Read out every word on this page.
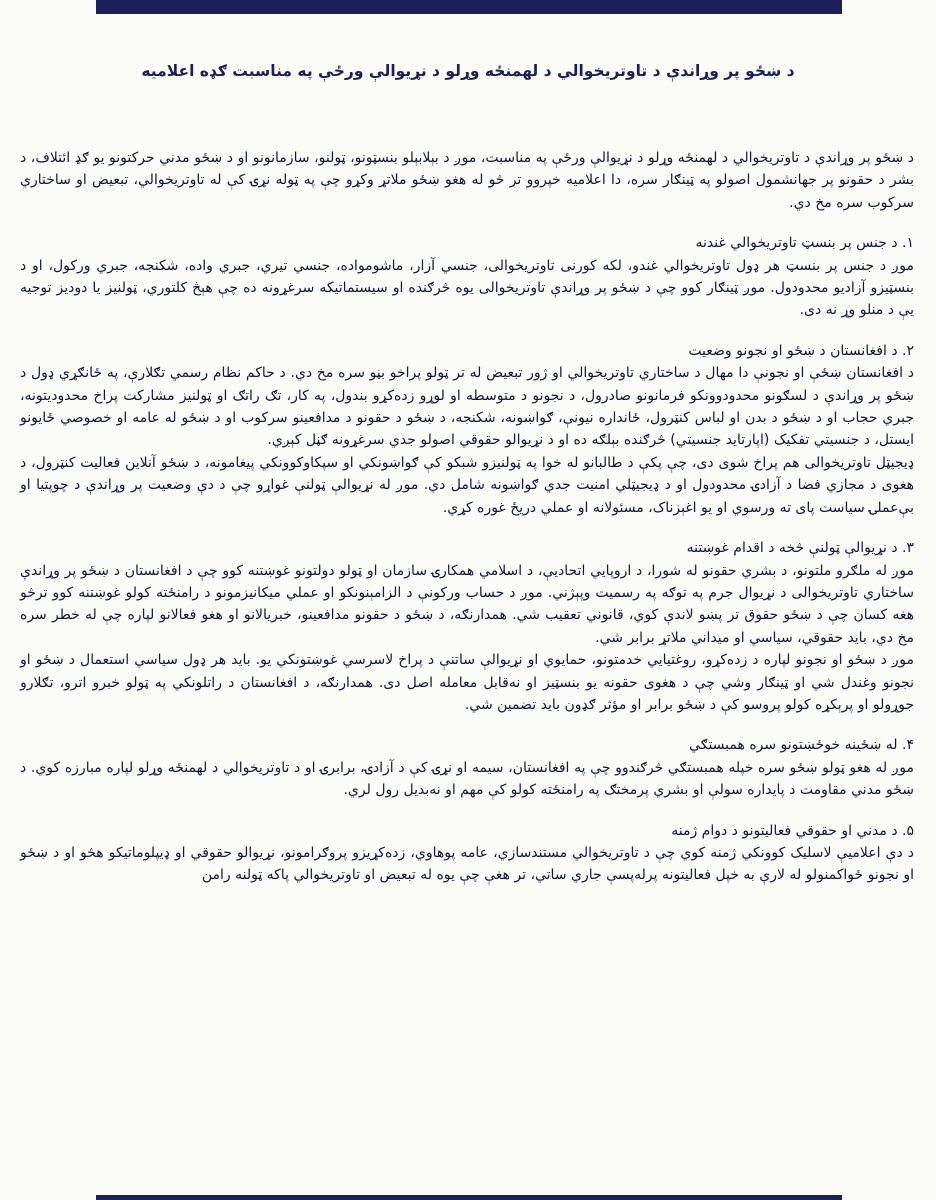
د ښځو پر وړاندې د تاوتريخوالي د لهمنځه وړلو د نړيوالې ورځې په مناسبت ګډه اعلاميه

د ښځو پر وړاندې د تاوتريخوالي د لهمنځه وړلو د نړيوالې ورځې په مناسبت، موږ د بېلابېلو بنسټونو، ټولنو، سازمانونو او د ښځو مدني حرکتونو يو ګډ ائتلاف، د بشر د حقونو پر جهانشمول اصولو په ټينګار سره، دا اعلاميه خپروو تر څو له هغو ښځو ملاتړ وکړو چې په ټوله نړۍ کې له تاوتريخوالي، تبعيض او ساختاري سرکوب سره مخ دي.

۱. د جنس پر بنسټ تاوتريخوالي غندنه

موږ د جنس پر بنسټ هر ډول تاوتريخوالي غندو، لکه کورنی تاوتريخوالی، جنسي آزار، ماشومواده، جنسي تيري، جبري واده، شکنجه، جبري ورکول، او د بنسټيزو آزاديو محدودول. موږ ټينګار کوو چې د ښځو پر وړاندې تاوتريخوالی يوه څرګنده او سيستماتيکه سرغړونه ده چې هېڅ کلتوري، ټولنيز يا دوديز توجيه يې د منلو وړ نه دی.

۲. د افغانستان د ښځو او نجونو وضعيت

د افغانستان ښځې او نجونې دا مهال د ساختاري تاوتريخوالي او ژور تبعيض له تر ټولو پراخو بڼو سره مخ دي. د حاکم نظام رسمي تګلارې، په ځانګړي ډول د ښځو پر وړاندې د لسګونو محدودوونکو فرمانونو صادرول، د نجونو د متوسطه او لوړو زده‌کړو بندول، په کار، تګ راتګ او ټولنيز مشارکت پراخ محدوديتونه، جبري حجاب او د ښځو د بدن او لباس کنټرول، ځانداره نيونې، ګواښونه، شکنجه، د ښځو د حقونو د مدافعينو سرکوب او د ښځو له عامه او خصوصي ځايونو ايستل، د جنسيتي تفکيک (اپارتايد جنسيتي) څرګنده بېلګه ده او د نړيوالو حقوقي اصولو جدي سرغړونه ګڼل کېږي.

ډيجيټل تاوتريخوالی هم پراخ شوی دی، چې پکې د طالبانو له خوا په ټولنيزو شبکو کې ګواښونکي او سپکاوکوونکي پيغامونه، د ښځو آنلاين فعاليت کنټرول، د هغوی د مجازي فضا د آزادۍ محدودول او د ډيجيټلي امنيت جدي ګواښونه شامل دي. موږ له نړيوالې ټولنې غواړو چې د دې وضعيت پر وړاندې د چوپتيا او بې‌عملۍ سياست پای ته ورسوي او يو اغېزناک، مسئولانه او عملي دريځ غوره کړي.

۳. د نړيوالې ټولنې څخه د اقدام غوښتنه

موږ له ملګرو ملتونو، د بشري حقونو له شورا، د اروپايي اتحاديې، د اسلامي همکارۍ سازمان او ټولو دولتونو غوښتنه کوو چې د افغانستان د ښځو پر وړاندې ساختاري تاوتريخوالی د نړيوال جرم په توګه په رسميت وپېژني. موږ د حساب ورکونې د الزامېنونکو او عملي ميکانيزمونو د رامنځته کولو غوښتنه کوو ترڅو هغه کسان چې د ښځو حقوق تر پښو لاندې کوي، قانوني تعقيب شي. همدارنګه، د ښځو د حقونو مدافعينو، خبريالانو او هغو فعالانو لپاره چې له خطر سره مخ دي، بايد حقوقي، سياسي او ميداني ملاتړ برابر شي.

موږ د ښځو او نجونو لپاره د زده‌کړو، روغتيايي خدمتونو، حمايوي او نړيوالې ساتنې د پراخ لاسرسي غوښتونکي يو. بايد هر ډول سياسي استعمال د ښځو او نجونو وغندل شي او ټينګار وشي چې د هغوی حقونه يو بنسټيز او نه‌قابل معامله اصل دی. همدارنګه، د افغانستان د راتلونکي په ټولو خبرو اترو، تګلارو جوړولو او پرېکړه کولو پروسو کې د ښځو برابر او مؤثر ګډون بايد تضمين شي.

۴. له ښځينه خوځښتونو سره همبستګي

موږ له هغو ټولو ښځو سره خپله همبستګي څرګندوو چې په افغانستان، سيمه او نړۍ کې د آزادۍ، برابرۍ او د تاوتريخوالي د لهمنځه وړلو لپاره مبارزه کوي. د ښځو مدني مقاومت د پايداره سولې او بشري پرمختګ په رامنځته کولو کې مهم او نه‌بديل رول لري.

۵. د مدني او حقوقي فعاليتونو د دوام ژمنه

د دې اعلاميې لاسليک کوونکي ژمنه کوي چې د تاوتريخوالي مستندسازي، عامه پوهاوي، زده‌کړيزو پروګرامونو، نړيوالو حقوقي او ډيپلوماتيکو هڅو او د ښځو او نجونو ځواکمنولو له لارې به خپل فعاليتونه پرله‌پسې جاري ساتي، تر هغې چې يوه له تبعيض او تاوتريخوالي پاکه ټولنه رامن
